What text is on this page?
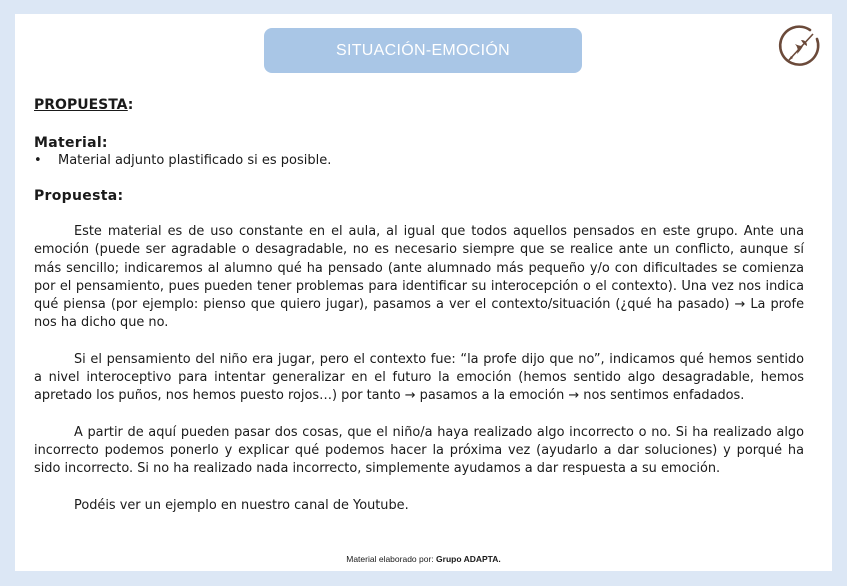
SITUACIÓN-EMOCIÓN

PROPUESTA:

Material:

•	Material adjunto plastificado si es posible.

Propuesta:

Este material es de uso constante en el aula, al igual que todos aquellos pensados en este grupo. Ante una emoción (puede ser agradable o desagradable, no es necesario siempre que se realice ante un conflicto, aunque sí más sencillo; indicaremos al alumno qué ha pensado (ante alumnado más pequeño y/o con dificultades se comienza por el pensamiento, pues pueden tener problemas para identificar su interocepción o el contexto). Una vez nos indica qué piensa (por ejemplo: pienso que quiero jugar), pasamos a ver el contexto/situación (¿qué ha pasado) → La profe nos ha dicho que no.

Si el pensamiento del niño era jugar, pero el contexto fue: “la profe dijo que no”, indicamos qué hemos sentido a nivel interoceptivo para intentar generalizar en el futuro la emoción (hemos sentido algo desagradable, hemos apretado los puños, nos hemos puesto rojos…) por tanto → pasamos a la emoción → nos sentimos enfadados.

A partir de aquí pueden pasar dos cosas, que el niño/a haya realizado algo incorrecto o no. Si ha realizado algo incorrecto podemos ponerlo y explicar qué podemos hacer la próxima vez (ayudarlo a dar soluciones) y porqué ha sido incorrecto. Si no ha realizado nada incorrecto, simplemente ayudamos a dar respuesta a su emoción.

Podéis ver un ejemplo en nuestro canal de Youtube.

Material elaborado por: Grupo ADAPTA.
